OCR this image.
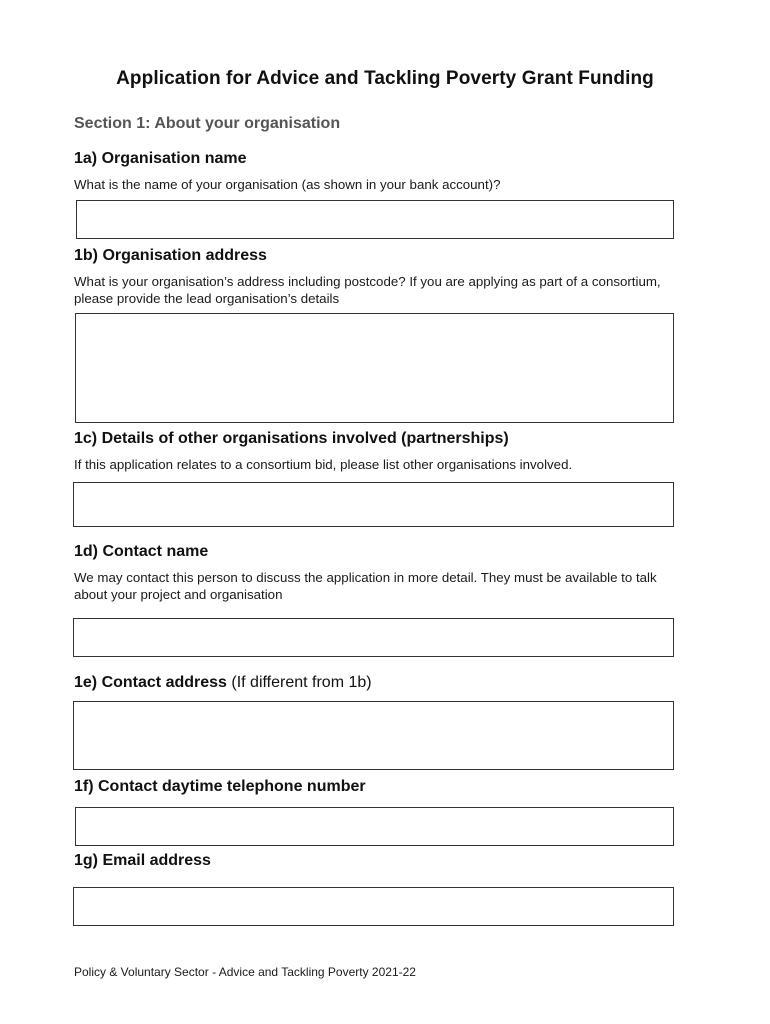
Application for Advice and Tackling Poverty Grant Funding
Section 1: About your organisation
1a) Organisation name
What is the name of your organisation (as shown in your bank account)?
1b) Organisation address
What is your organisation’s address including postcode? If you are applying as part of a consortium, please provide the lead organisation’s details
1c) Details of other organisations involved (partnerships)
If this application relates to a consortium bid, please list other organisations involved.
1d) Contact name
We may contact this person to discuss the application in more detail. They must be available to talk about your project and organisation
1e) Contact address (If different from 1b)
1f) Contact daytime telephone number
1g) Email address
Policy & Voluntary Sector - Advice and Tackling Poverty 2021-22
